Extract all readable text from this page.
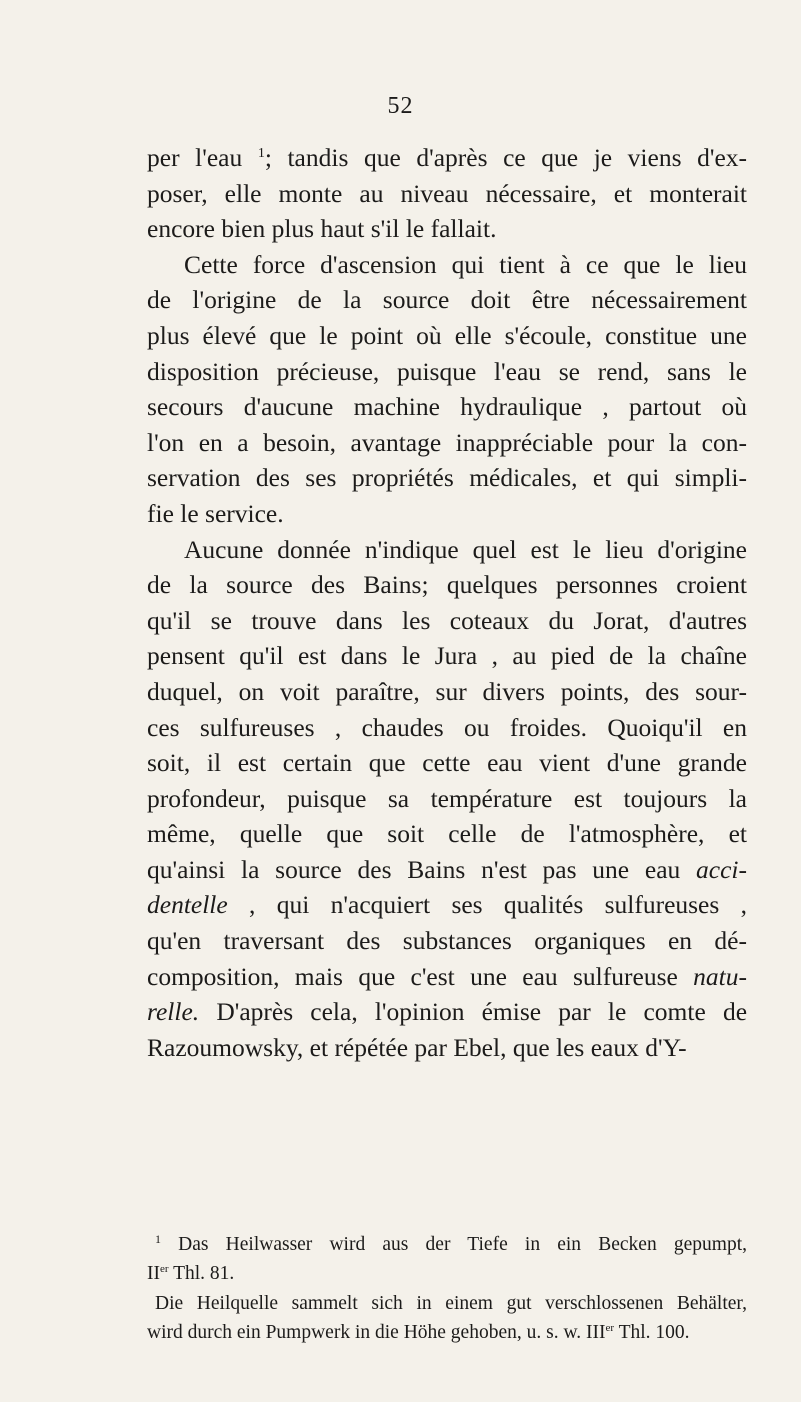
52
per l'eau $^1$; tandis que d'après ce que je viens d'ex-
poser, elle monte au niveau nécessaire, et monterait
encore bien plus haut s'il le fallait.
Cette force d'ascension qui tient à ce que le lieu
de l'origine de la source doit être nécessairement
plus élevé que le point où elle s'écoule, constitue une
disposition précieuse, puisque l'eau se rend, sans le
secours d'aucune machine hydraulique , partout où
l'on en a besoin, avantage inappréciable pour la con-
servation des ses propriétés médicales, et qui simpli-
fie le service.
Aucune donnée n'indique quel est le lieu d'origine
de la source des Bains; quelques personnes croient
qu'il se trouve dans les coteaux du Jorat, d'autres
pensent qu'il est dans le Jura , au pied de la chaîne
duquel, on voit paraître, sur divers points, des sour-
ces sulfureuses , chaudes ou froides. Quoiqu'il en
soit, il est certain que cette eau vient d'une grande
profondeur, puisque sa température est toujours la
même, quelle que soit celle de l'atmosphère, et
qu'ainsi la source des Bains n'est pas une eau acci-
dentelle , qui n'acquiert ses qualités sulfureuses ,
qu'en traversant des substances organiques en dé-
composition, mais que c'est une eau sulfureuse natu-
relle. D'après cela, l'opinion émise par le comte de
Razoumowsky, et répétée par Ebel, que les eaux d'Y-
$^1$ Das Heilwasser wird aus der Tiefe in ein Becken gepumpt,
IIer Thl. 81.
Die Heilquelle sammelt sich in einem gut verschlossenen Behälter,
wird durch ein Pumpwerk in die Höhe gehoben, u. s. w. IIIer Thl. 100.
